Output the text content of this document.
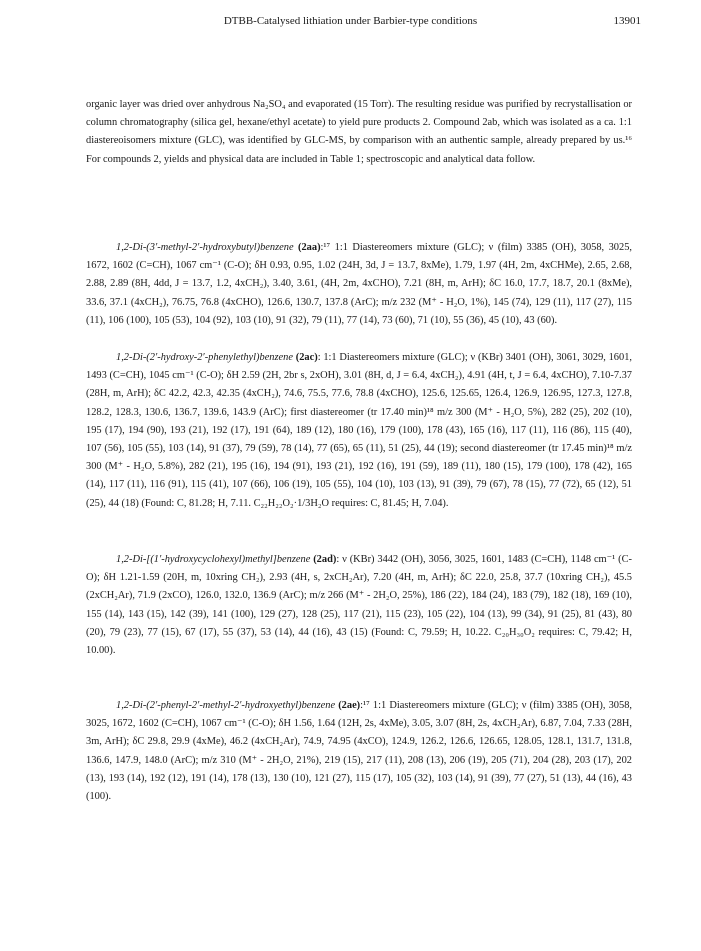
DTBB-Catalysed lithiation under Barbier-type conditions	13901

organic layer was dried over anhydrous Na₂SO₄ and evaporated (15 Torr). The resulting residue was purified by recrystallisation or column chromatography (silica gel, hexane/ethyl acetate) to yield pure products 2. Compound 2ab, which was isolated as a ca. 1:1 diastereoisomers mixture (GLC), was identified by GLC-MS, by comparison with an authentic sample, already prepared by us.¹⁶ For compounds 2, yields and physical data are included in Table 1; spectroscopic and analytical data follow.

1,2-Di-(3′-methyl-2′-hydroxybutyl)benzene (2aa):¹⁷ 1:1 Diastereomers mixture (GLC); ν (film) 3385 (OH), 3058, 3025, 1672, 1602 (C=CH), 1067 cm⁻¹ (C-O); δH 0.93, 0.95, 1.02 (24H, 3d, J = 13.7, 8xMe), 1.79, 1.97 (4H, 2m, 4xCHMe), 2.65, 2.68, 2.88, 2.89 (8H, 4dd, J = 13.7, 1.2, 4xCH₂), 3.40, 3.61, (4H, 2m, 4xCHO), 7.21 (8H, m, ArH); δC 16.0, 17.7, 18.7, 20.1 (8xMe), 33.6, 37.1 (4xCH₂), 76.75, 76.8 (4xCHO), 126.6, 130.7, 137.8 (ArC); m/z 232 (M⁺ - H₂O, 1%), 145 (74), 129 (11), 117 (27), 115 (11), 106 (100), 105 (53), 104 (92), 103 (10), 91 (32), 79 (11), 77 (14), 73 (60), 71 (10), 55 (36), 45 (10), 43 (60).

1,2-Di-(2′-hydroxy-2′-phenylethyl)benzene (2ac): 1:1 Diastereomers mixture (GLC); ν (KBr) 3401 (OH), 3061, 3029, 1601, 1493 (C=CH), 1045 cm⁻¹ (C-O); δH 2.59 (2H, 2br s, 2xOH), 3.01 (8H, d, J = 6.4, 4xCH₂), 4.91 (4H, t, J = 6.4, 4xCHO), 7.10-7.37 (28H, m, ArH); δC 42.2, 42.3, 42.35 (4xCH₂), 74.6, 75.5, 77.6, 78.8 (4xCHO), 125.6, 125.65, 126.4, 126.9, 126.95, 127.3, 127.8, 128.2, 128.3, 130.6, 136.7, 139.6, 143.9 (ArC); first diastereomer (tr 17.40 min)¹⁸ m/z 300 (M⁺ - H₂O, 5%), 282 (25), 202 (10), 195 (17), 194 (90), 193 (21), 192 (17), 191 (64), 189 (12), 180 (16), 179 (100), 178 (43), 165 (16), 117 (11), 116 (86), 115 (40), 107 (56), 105 (55), 103 (14), 91 (37), 79 (59), 78 (14), 77 (65), 65 (11), 51 (25), 44 (19); second diastereomer (tr 17.45 min)¹⁸ m/z 300 (M⁺ - H₂O, 5.8%), 282 (21), 195 (16), 194 (91), 193 (21), 192 (16), 191 (59), 189 (11), 180 (15), 179 (100), 178 (42), 165 (14), 117 (11), 116 (91), 115 (41), 107 (66), 106 (19), 105 (55), 104 (10), 103 (13), 91 (39), 79 (67), 78 (15), 77 (72), 65 (12), 51 (25), 44 (18) (Found: C, 81.28; H, 7.11. C₂₂H₂₂O₂·1/3H₂O requires: C, 81.45; H, 7.04).

1,2-Di-[(1′-hydroxycyclohexyl)methyl]benzene (2ad): ν (KBr) 3442 (OH), 3056, 3025, 1601, 1483 (C=CH), 1148 cm⁻¹ (C-O); δH 1.21-1.59 (20H, m, 10xring CH₂), 2.93 (4H, s, 2xCH₂Ar), 7.20 (4H, m, ArH); δC 22.0, 25.8, 37.7 (10xring CH₂), 45.5 (2xCH₂Ar), 71.9 (2xCO), 126.0, 132.0, 136.9 (ArC); m/z 266 (M⁺ - 2H₂O, 25%), 186 (22), 184 (24), 183 (79), 182 (18), 169 (10), 155 (14), 143 (15), 142 (39), 141 (100), 129 (27), 128 (25), 117 (21), 115 (23), 105 (22), 104 (13), 99 (34), 91 (25), 81 (43), 80 (20), 79 (23), 77 (15), 67 (17), 55 (37), 53 (14), 44 (16), 43 (15) (Found: C, 79.59; H, 10.22. C₂₀H₃₀O₂ requires: C, 79.42; H, 10.00).

1,2-Di-(2′-phenyl-2′-methyl-2′-hydroxyethyl)benzene (2ae):¹⁷ 1:1 Diastereomers mixture (GLC); ν (film) 3385 (OH), 3058, 3025, 1672, 1602 (C=CH), 1067 cm⁻¹ (C-O); δH 1.56, 1.64 (12H, 2s, 4xMe), 3.05, 3.07 (8H, 2s, 4xCH₂Ar), 6.87, 7.04, 7.33 (28H, 3m, ArH); δC 29.8, 29.9 (4xMe), 46.2 (4xCH₂Ar), 74.9, 74.95 (4xCO), 124.9, 126.2, 126.6, 126.65, 128.05, 128.1, 131.7, 131.8, 136.6, 147.9, 148.0 (ArC); m/z 310 (M⁺ - 2H₂O, 21%), 219 (15), 217 (11), 208 (13), 206 (19), 205 (71), 204 (28), 203 (17), 202 (13), 193 (14), 192 (12), 191 (14), 178 (13), 130 (10), 121 (27), 115 (17), 105 (32), 103 (14), 91 (39), 77 (27), 51 (13), 44 (16), 43 (100).
